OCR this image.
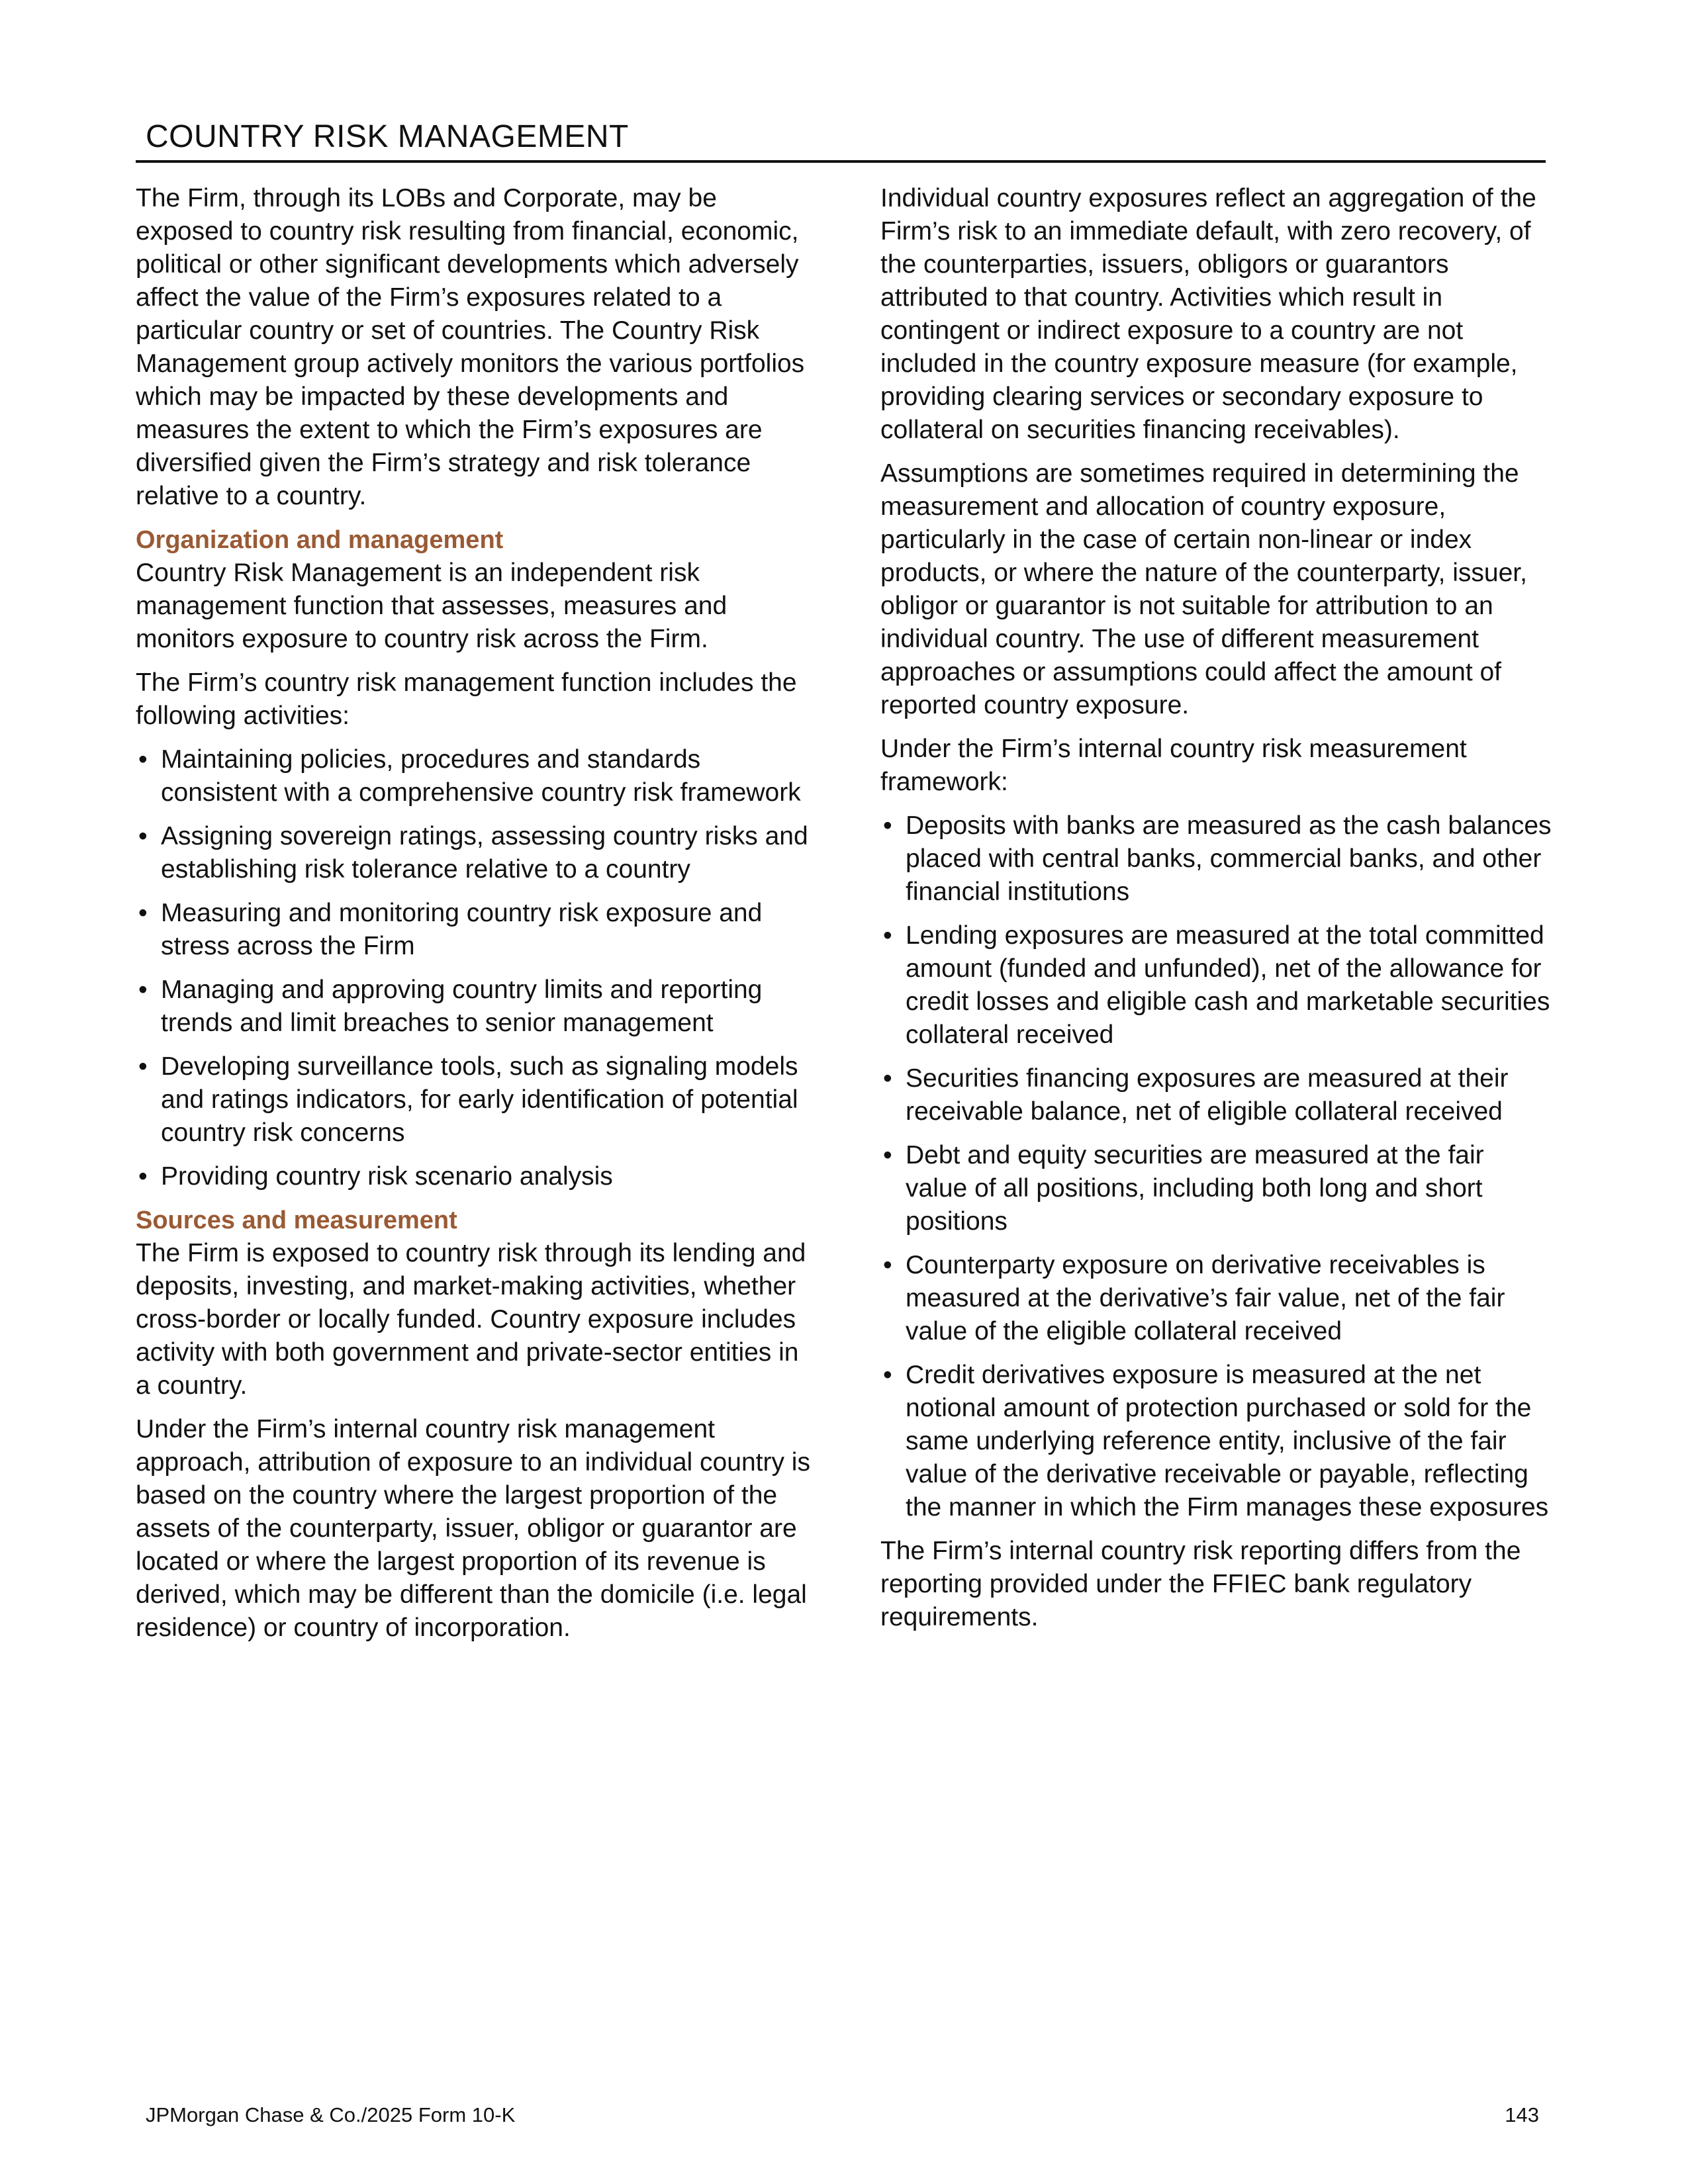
COUNTRY RISK MANAGEMENT

The Firm, through its LOBs and Corporate, may be exposed to country risk resulting from financial, economic, political or other significant developments which adversely affect the value of the Firm’s exposures related to a particular country or set of countries. The Country Risk Management group actively monitors the various portfolios which may be impacted by these developments and measures the extent to which the Firm’s exposures are diversified given the Firm’s strategy and risk tolerance relative to a country.

Organization and management

Country Risk Management is an independent risk management function that assesses, measures and monitors exposure to country risk across the Firm.

The Firm’s country risk management function includes the following activities:

• Maintaining policies, procedures and standards consistent with a comprehensive country risk framework
• Assigning sovereign ratings, assessing country risks and establishing risk tolerance relative to a country
• Measuring and monitoring country risk exposure and stress across the Firm
• Managing and approving country limits and reporting trends and limit breaches to senior management
• Developing surveillance tools, such as signaling models and ratings indicators, for early identification of potential country risk concerns
• Providing country risk scenario analysis
Sources and measurement

The Firm is exposed to country risk through its lending and deposits, investing, and market-making activities, whether cross-border or locally funded. Country exposure includes activity with both government and private-sector entities in a country.

Under the Firm’s internal country risk management approach, attribution of exposure to an individual country is based on the country where the largest proportion of the assets of the counterparty, issuer, obligor or guarantor are located or where the largest proportion of its revenue is derived, which may be different than the domicile (i.e. legal residence) or country of incorporation.

Individual country exposures reflect an aggregation of the Firm’s risk to an immediate default, with zero recovery, of the counterparties, issuers, obligors or guarantors attributed to that country. Activities which result in contingent or indirect exposure to a country are not included in the country exposure measure (for example, providing clearing services or secondary exposure to collateral on securities financing receivables).

Assumptions are sometimes required in determining the measurement and allocation of country exposure, particularly in the case of certain non-linear or index products, or where the nature of the counterparty, issuer, obligor or guarantor is not suitable for attribution to an individual country. The use of different measurement approaches or assumptions could affect the amount of reported country exposure.

Under the Firm’s internal country risk measurement framework:

• Deposits with banks are measured as the cash balances placed with central banks, commercial banks, and other financial institutions
• Lending exposures are measured at the total committed amount (funded and unfunded), net of the allowance for credit losses and eligible cash and marketable securities collateral received
• Securities financing exposures are measured at their receivable balance, net of eligible collateral received
• Debt and equity securities are measured at the fair value of all positions, including both long and short positions
• Counterparty exposure on derivative receivables is measured at the derivative’s fair value, net of the fair value of the eligible collateral received
• Credit derivatives exposure is measured at the net notional amount of protection purchased or sold for the same underlying reference entity, inclusive of the fair value of the derivative receivable or payable, reflecting the manner in which the Firm manages these exposures

The Firm’s internal country risk reporting differs from the reporting provided under the FFIEC bank regulatory requirements.

JPMorgan Chase & Co./2025 Form 10-K	143
